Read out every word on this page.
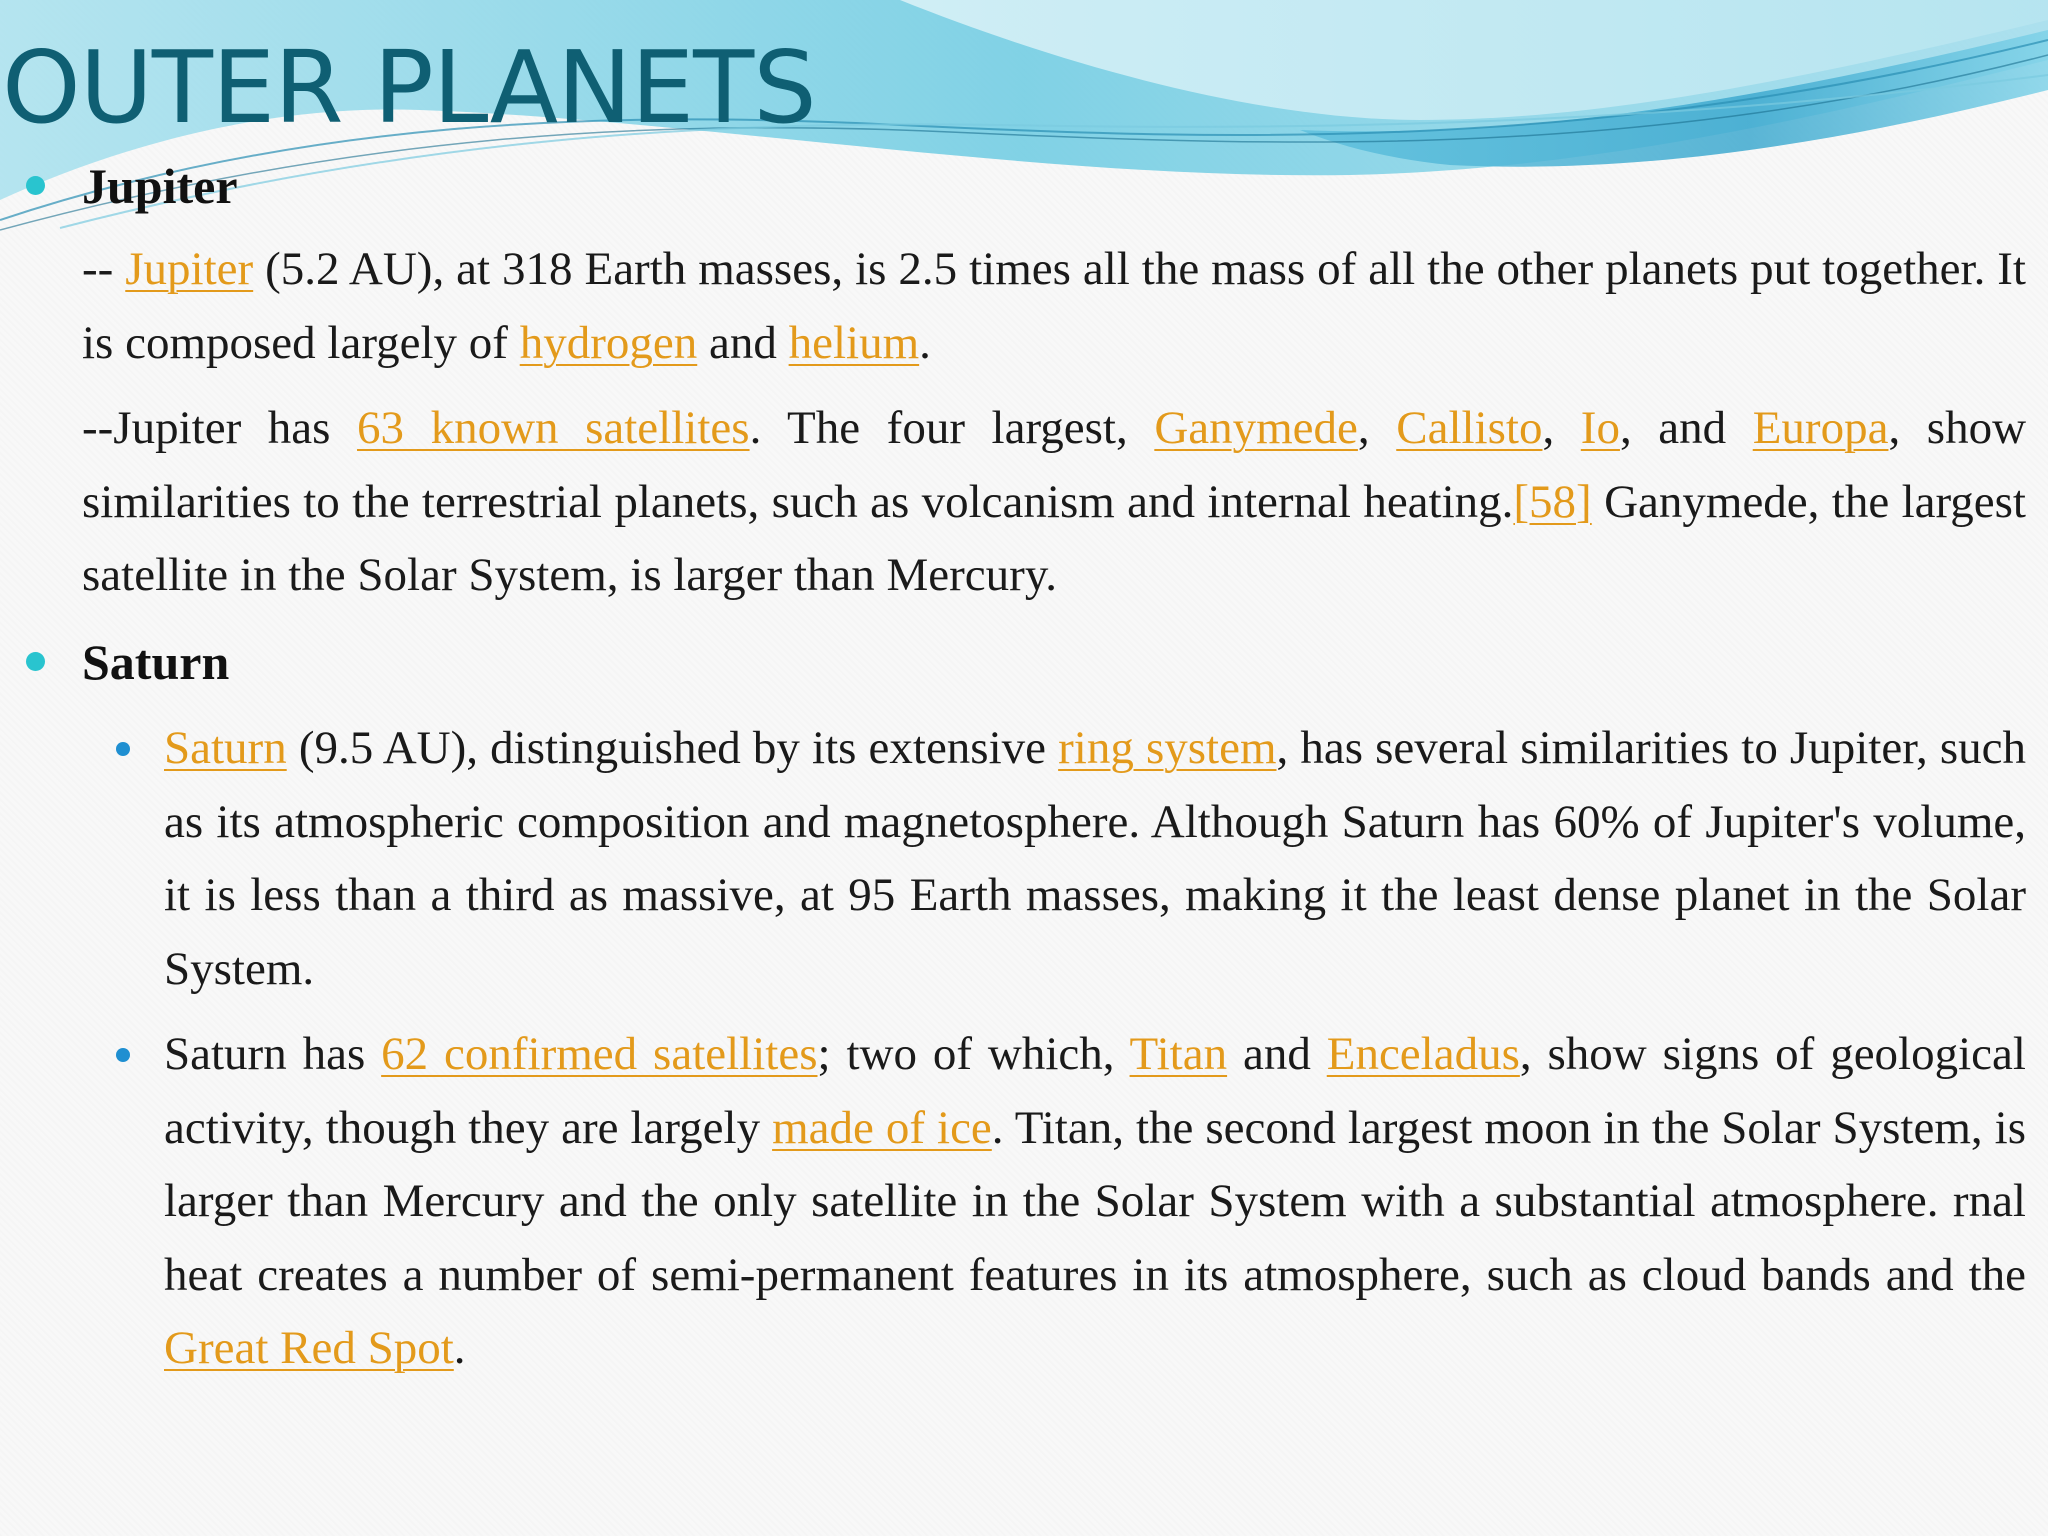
OUTER PLANETS
Jupiter

-- Jupiter (5.2 AU), at 318 Earth masses, is 2.5 times all the mass of all the other planets put together. It is composed largely of hydrogen and helium.

--Jupiter has 63 known satellites. The four largest, Ganymede, Callisto, Io, and Europa, show similarities to the terrestrial planets, such as volcanism and internal heating.[58] Ganymede, the largest satellite in the Solar System, is larger than Mercury.

Saturn

Saturn (9.5 AU), distinguished by its extensive ring system, has several similarities to Jupiter, such as its atmospheric composition and magnetosphere. Although Saturn has 60% of Jupiter's volume, it is less than a third as massive, at 95 Earth masses, making it the least dense planet in the Solar System.

Saturn has 62 confirmed satellites; two of which, Titan and Enceladus, show signs of geological activity, though they are largely made of ice. Titan, the second largest moon in the Solar System, is larger than Mercury and the only satellite in the Solar System with a substantial atmosphere. rnal heat creates a number of semi-permanent features in its atmosphere, such as cloud bands and the Great Red Spot.
